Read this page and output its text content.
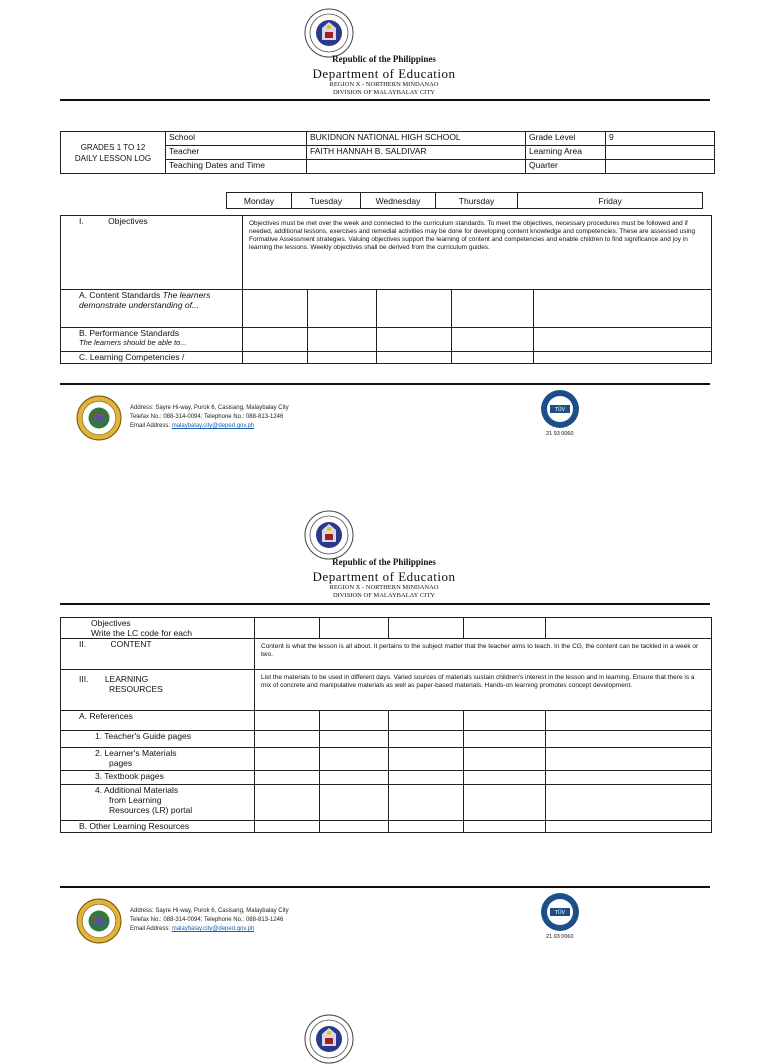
Republic of the Philippines
Department of Education
REGION X - NORTHERN MINDANAO
DIVISION OF MALAYBALAY CITY
GRADES 1 TO 12
DAILY LESSON LOG	School	BUKIDNON NATIONAL HIGH SCHOOL	Grade Level	9
	Teacher	FAITH HANNAH B. SALDIVAR	Learning Area	
	Teaching Dates and Time		Quarter	
Monday	Tuesday	Wednesday	Thursday	Friday
I. Objectives	Objectives must be met over the week and connected to the curriculum standards. To meet the objectives, necessary procedures must be followed and if needed, additional lessons, exercises and remedial activities may be done for developing content knowledge and competencies. These are assessed using Formative Assessment strategies. Valuing objectives support the learning of content and competencies and enable children to find significance and joy in learning the lessons. Weekly objectives shall be derived from the curriculum guides.				
A. Content Standards The learners demonstrate understanding of...					

B. Performance Standards
The learners should be able to...					

C. Learning Competencies /					
Address: Sayre Hi-way, Purok 6, Casisang, Malaybalay City
Telefax No.: 088-314-0094; Telephone No.: 088-813-1246
Email Address: malaybalay.city@deped.gov.ph
21 93 0060
Republic of the Philippines
Department of Education
REGION X - NORTHERN MINDANAO
DIVISION OF MALAYBALAY CITY
Objectives
Write the LC code for each					

II. CONTENT	Content is what the lesson is all about. It pertains to the subject matter that the teacher aims to teach. In the CG, the content can be tackled in a week or two.				

III. LEARNING
RESOURCES	List the materials to be used in different days. Varied sources of materials sustain children's interest in the lesson and in learning. Ensure that there is a mix of concrete and manipulative materials as well as paper-based materials. Hands-on learning promotes concept development.				
A. References					
1. Teacher's Guide pages					

2. Learner's Materials
pages					

3. Textbook pages					

4. Additional Materials
from Learning
Resources (LR) portal					

B. Other Learning Resources					
Address: Sayre Hi-way, Purok 6, Casisang, Malaybalay City
Telefax No.: 088-314-0094; Telephone No.: 088-813-1246
Email Address: malaybalay.city@deped.gov.ph
21 93 0060
